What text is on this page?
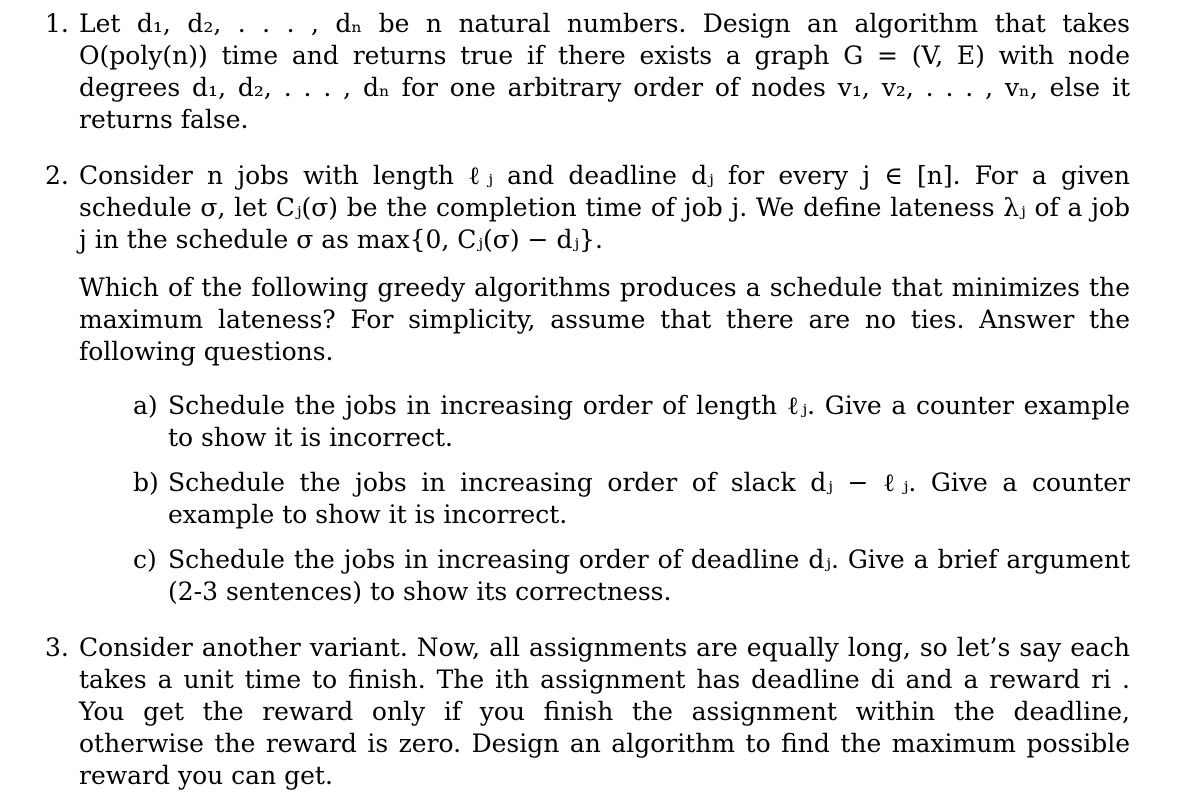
1. Let d₁, d₂, . . . , dₙ be n natural numbers. Design an algorithm that takes O(poly(n)) time and returns true if there exists a graph G = (V, E) with node degrees d₁, d₂, . . . , dₙ for one arbitrary order of nodes v₁, v₂, . . . , vₙ, else it returns false.
2. Consider n jobs with length ℓⱼ and deadline dⱼ for every j ∈ [n]. For a given schedule σ, let Cⱼ(σ) be the completion time of job j. We define lateness λⱼ of a job j in the schedule σ as max{0, Cⱼ(σ) − dⱼ}.
Which of the following greedy algorithms produces a schedule that minimizes the maximum lateness? For simplicity, assume that there are no ties. Answer the following questions.
a) Schedule the jobs in increasing order of length ℓⱼ. Give a counter example to show it is incorrect.
b) Schedule the jobs in increasing order of slack dⱼ − ℓⱼ. Give a counter example to show it is incorrect.
c) Schedule the jobs in increasing order of deadline dⱼ. Give a brief argument (2-3 sentences) to show its correctness.
3. Consider another variant. Now, all assignments are equally long, so let’s say each takes a unit time to finish. The ith assignment has deadline di and a reward ri . You get the reward only if you finish the assignment within the deadline, otherwise the reward is zero. Design an algorithm to find the maximum possible reward you can get.
